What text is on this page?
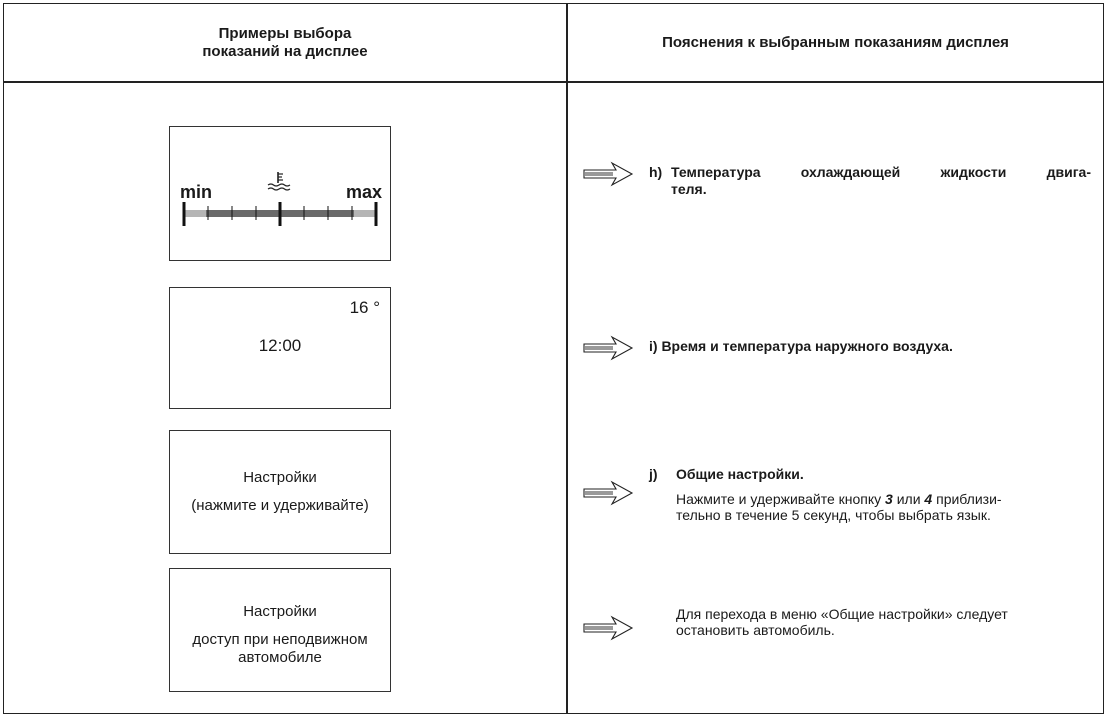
Примеры выбора
показаний на дисплее	Пояснения к выбранным показаниям дисплея
min	max
16 °
12:00
Настройки
(нажмите и удерживайте)
Настройки
доступ при неподвижном
автомобиле
h) Температура охлаждающей жидкости двига-
теля.
i) Время и температура наружного воздуха.
j) Общие настройки.
Нажмите и удерживайте кнопку 3 или 4 приблизи-
тельно в течение 5 секунд, чтобы выбрать язык.
Для перехода в меню «Общие настройки» следует
остановить автомобиль.
